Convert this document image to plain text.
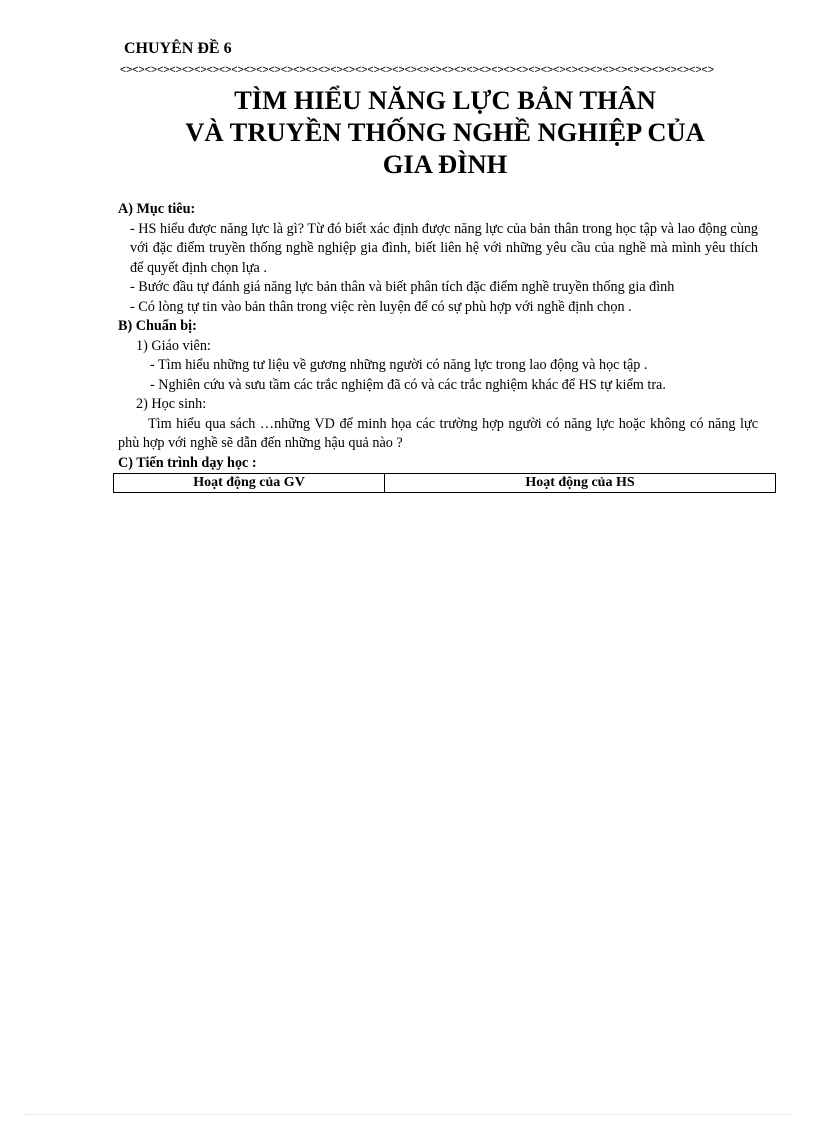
CHUYÊN ĐỀ 6
<><><><><><><><><><><><><><><><><><><><><><><><><><><><><><><><><><><><><><><><><><><><><><><><>
TÌM HIỂU NĂNG LỰC BẢN THÂN
VÀ TRUYỀN THỐNG NGHỀ NGHIỆP CỦA
GIA ĐÌNH
A) Mục tiêu:
- HS hiểu được năng lực là gì? Từ đó biết xác định được năng lực của bản thân trong học tập và lao động cùng với đặc điểm truyền thống nghề nghiệp gia đình, biết liên hệ với những yêu cầu của nghề mà mình yêu thích để quyết định chọn lựa .
- Bước đầu tự đánh giá năng lực bản thân và biết phân tích đặc điểm nghề truyền thống gia đình
- Có lòng tự tin vào bản thân trong việc rèn luyện để có sự phù hợp với nghề định chọn .
B) Chuẩn bị:
1) Giáo viên:
- Tìm hiểu những tư liệu về gương những người có năng lực trong lao động và học tập .
- Nghiên cứu và sưu tầm các trắc nghiệm đã có và các trắc nghiệm khác để HS tự kiểm tra.
2) Học sinh:
Tìm hiểu qua sách …những VD để minh họa các trường hợp người có năng lực hoặc không có năng lực phù hợp với nghề sẽ dẫn đến những hậu quả nào ?
C) Tiến trình dạy học :
Hoạt động của GV	Hoạt động của HS
